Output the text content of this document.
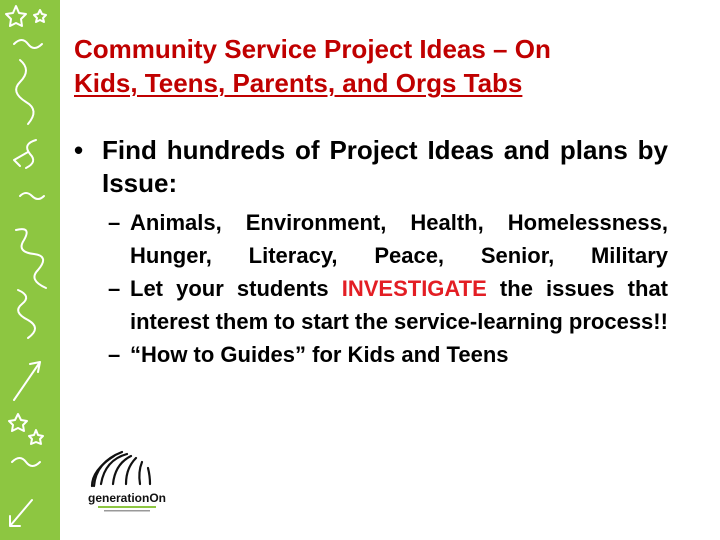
Community Service Project Ideas – On
Kids, Teens, Parents, and Orgs Tabs
• Find hundreds of Project Ideas and plans by Issue:
– Animals, Environment, Health, Homelessness, Hunger, Literacy, Peace, Senior, Military
– Let your students INVESTIGATE the issues that interest them to start the service-learning process!!
– “How to Guides” for Kids and Teens
generationOn
